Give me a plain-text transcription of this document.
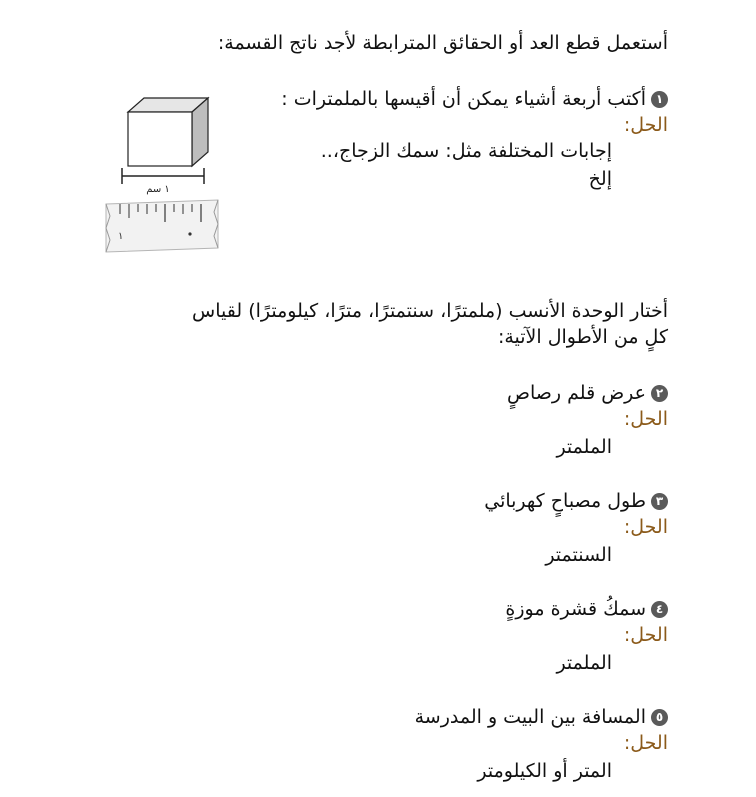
أستعمل قطع العد أو الحقائق المترابطة لأجد ناتج القسمة:
١أكتب أربعة أشياء يمكن أن أقيسها بالملمترات :
الحل:
إجابات المختلفة مثل: سمك الزجاج،..
إلخ
١ سم
١
أختار الوحدة الأنسب (ملمترًا، سنتمترًا، مترًا، كيلومترًا) لقياس
كلٍ من الأطوال الآتية:
٢عرض قلم رصاصٍ
الحل:
الملمتر
٣طول مصباحٍ كهربائي
الحل:
السنتمتر
٤سمكُ قشرة موزةٍ
الحل:
الملمتر
٥المسافة بين البيت و المدرسة
الحل:
المتر أو الكيلومتر
